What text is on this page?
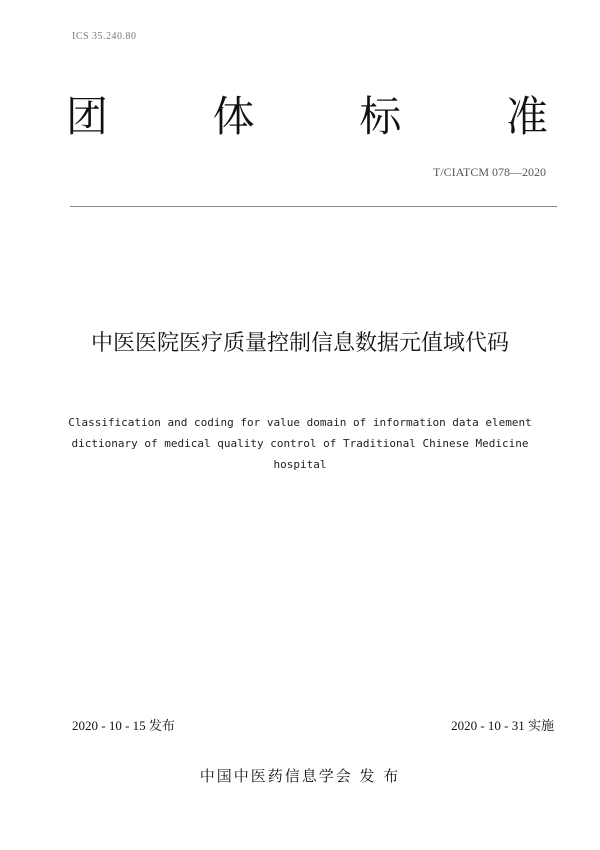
ICS 35.240.80
团 体 标 准
T/CIATCM 078—2020
中医医院医疗质量控制信息数据元值域代码
Classification and coding for value domain of information data element dictionary of medical quality control of Traditional Chinese Medicine hospital
2020 - 10 - 15 发布	2020 - 10 - 31 实施
中国中医药信息学会 发 布
